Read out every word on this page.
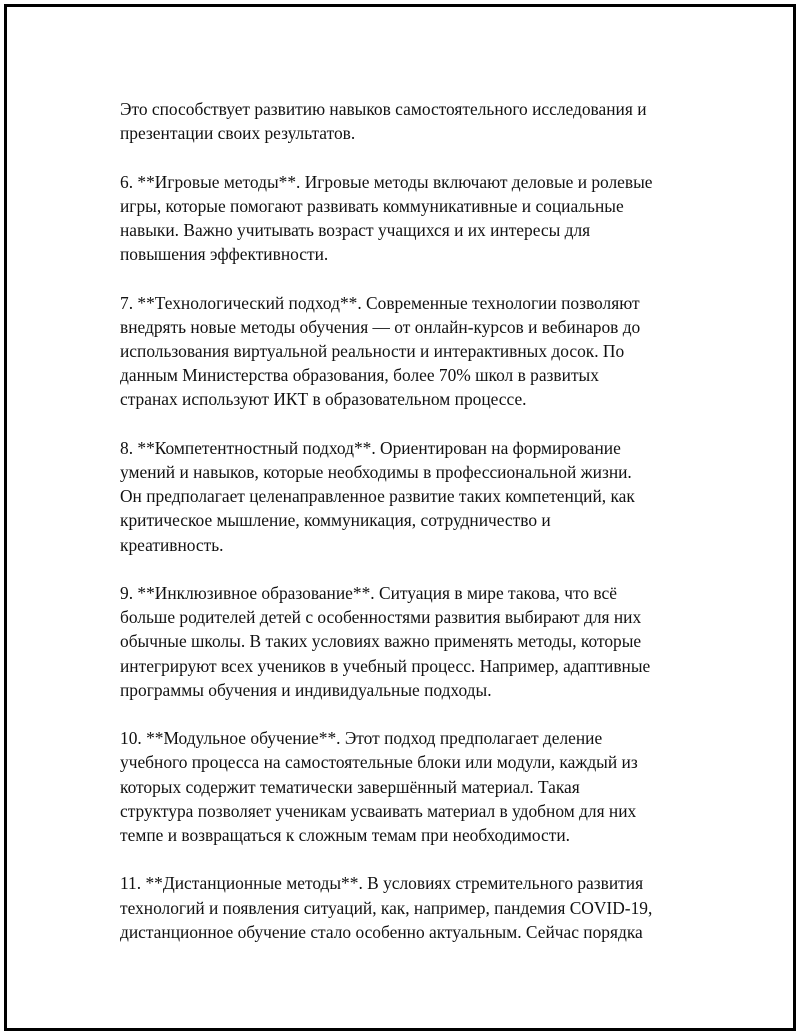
Это способствует развитию навыков самостоятельного исследования и
презентации своих результатов.

6. **Игровые методы**. Игровые методы включают деловые и ролевые
игры, которые помогают развивать коммуникативные и социальные
навыки. Важно учитывать возраст учащихся и их интересы для
повышения эффективности.

7. **Технологический подход**. Современные технологии позволяют
внедрять новые методы обучения — от онлайн-курсов и вебинаров до
использования виртуальной реальности и интерактивных досок. По
данным Министерства образования, более 70% школ в развитых
странах используют ИКТ в образовательном процессе.

8. **Компетентностный подход**. Ориентирован на формирование
умений и навыков, которые необходимы в профессиональной жизни.
Он предполагает целенаправленное развитие таких компетенций, как
критическое мышление, коммуникация, сотрудничество и
креативность.

9. **Инклюзивное образование**. Ситуация в мире такова, что всё
больше родителей детей с особенностями развития выбирают для них
обычные школы. В таких условиях важно применять методы, которые
интегрируют всех учеников в учебный процесс. Например, адаптивные
программы обучения и индивидуальные подходы.

10. **Модульное обучение**. Этот подход предполагает деление
учебного процесса на самостоятельные блоки или модули, каждый из
которых содержит тематически завершённый материал. Такая
структура позволяет ученикам усваивать материал в удобном для них
темпе и возвращаться к сложным темам при необходимости.

11. **Дистанционные методы**. В условиях стремительного развития
технологий и появления ситуаций, как, например, пандемия COVID-19,
дистанционное обучение стало особенно актуальным. Сейчас порядка
